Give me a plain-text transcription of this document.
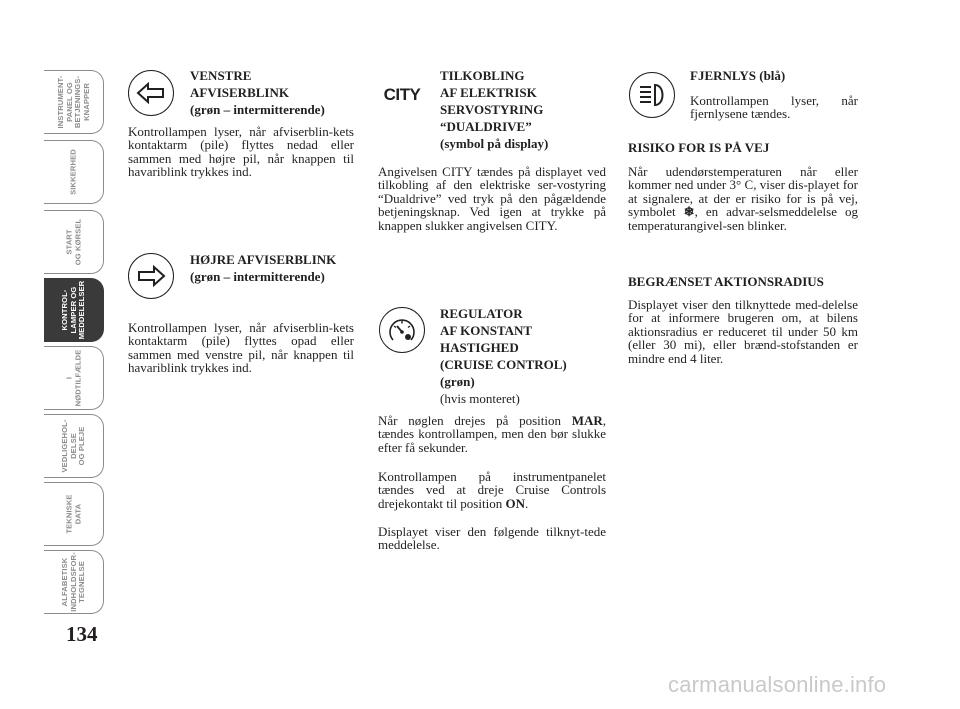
INSTRUMENT-
PANEL OG
BETJENINGS-
KNAPPER
SIKKERHED
START
OG KØRSEL
KONTROL-
LAMPER OG
MEDDELELSER
I
NØDTILFÆLDE
VEDLIGEHOL-
DELSE
OG PLEJE
TEKNISKE
DATA
ALFABETISK
INDHOLDSFOR-
TEGNELSE
134
VENSTRE
AFVISERBLINK
(grøn – intermitterende)
Kontrollampen lyser, når afviserblin-kets kontaktarm (pile) flyttes nedad eller sammen med højre pil, når knappen til havariblink trykkes ind.
HØJRE AFVISERBLINK
(grøn – intermitterende)
Kontrollampen lyser, når afviserblin-kets kontaktarm (pile) flyttes opad eller sammen med venstre pil, når knappen til havariblink trykkes ind.
CITY
TILKOBLING
AF ELEKTRISK
SERVOSTYRING
“DUALDRIVE”
(symbol på display)
Angivelsen CITY tændes på displayet ved tilkobling af den elektriske ser-vostyring “Dualdrive” ved tryk på den pågældende betjeningsknap. Ved igen at trykke på knappen slukker angivelsen CITY.
REGULATOR
AF KONSTANT
HASTIGHED
(CRUISE CONTROL)
(grøn)
(hvis monteret)
Når nøglen drejes på position MAR, tændes kontrollampen, men den bør slukke efter få sekunder.
Kontrollampen på instrumentpanelet tændes ved at dreje Cruise Controls drejekontakt til position ON.
Displayet viser den følgende tilknyt-tede meddelelse.
FJERNLYS (blå)
Kontrollampen lyser, når fjernlysene tændes.
RISIKO FOR IS PÅ VEJ
Når udendørstemperaturen når eller kommer ned under 3° C, viser dis-playet for at signalere, at der er risiko for is på vej, symbolet ❄, en advar-selsmeddelelse og temperaturangivel-sen blinker.
BEGRÆNSET AKTIONSRADIUS
Displayet viser den tilknyttede med-delelse for at informere brugeren om, at bilens aktionsradius er reduceret til under 50 km (eller 30 mi), eller brænd-stofstanden er mindre end 4 liter.
carmanualsonline.info
